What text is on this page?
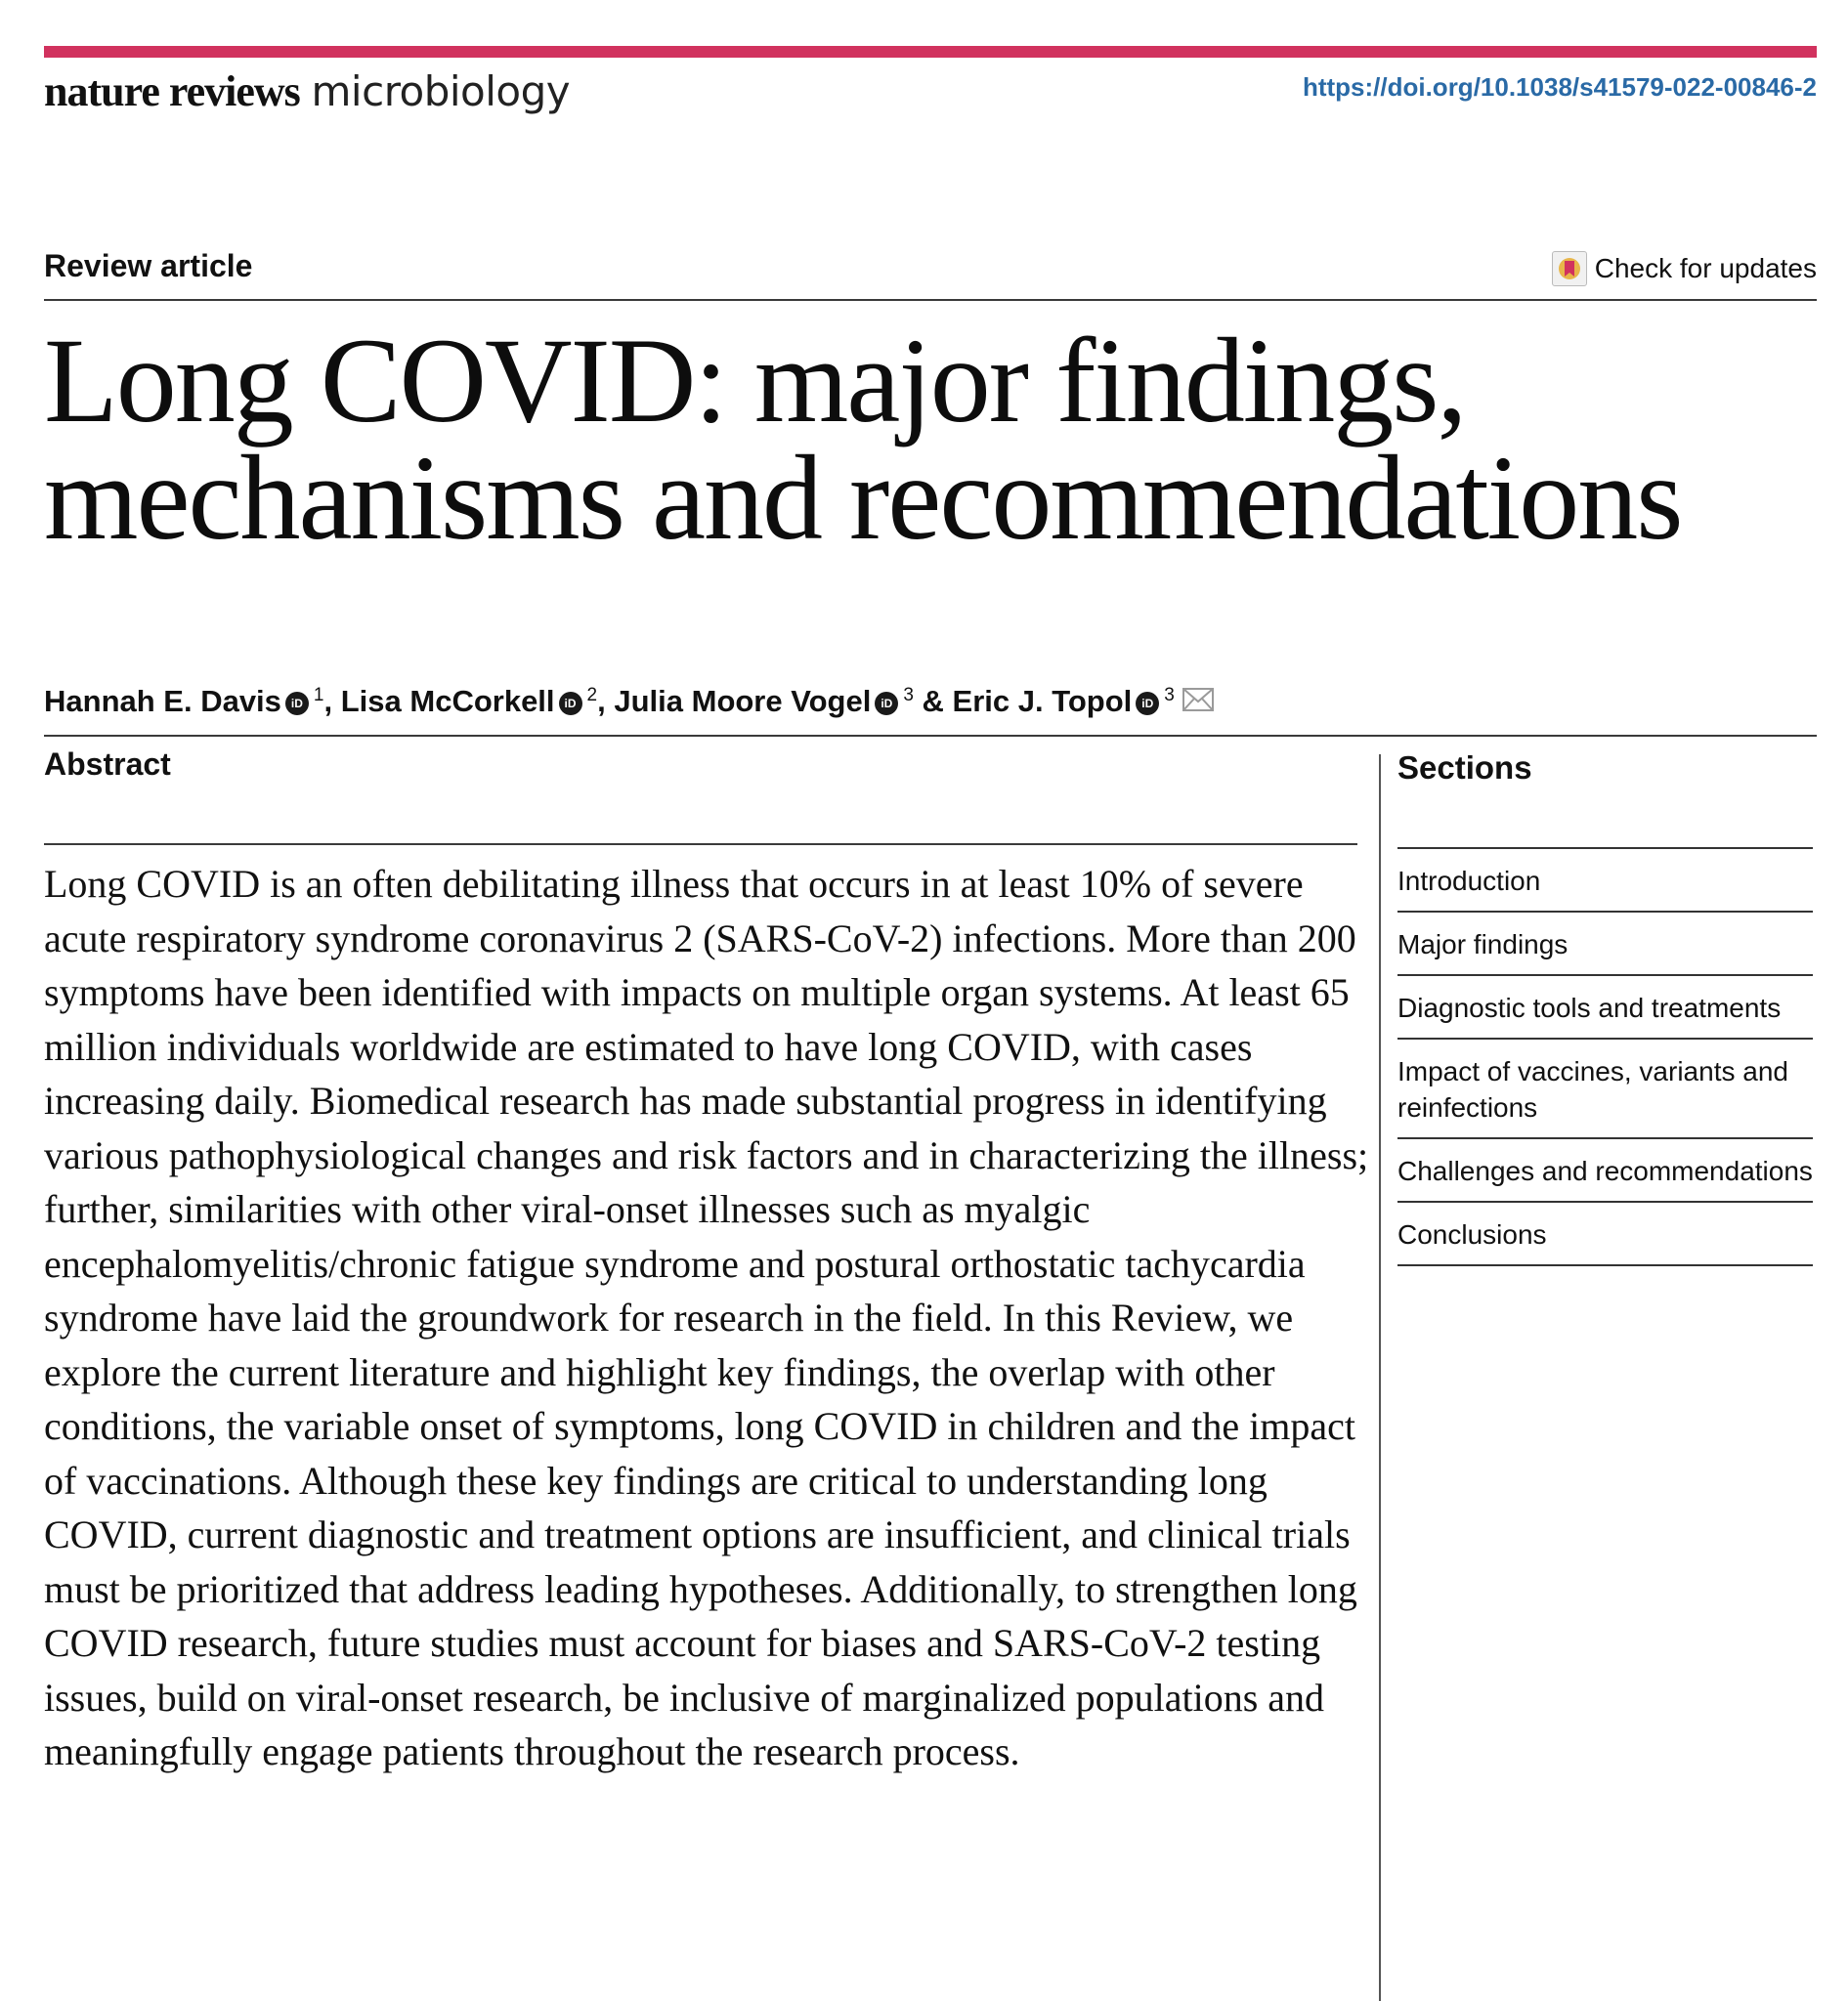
nature reviews microbiology	https://doi.org/10.1038/s41579-022-00846-2
Review article	Check for updates
Long COVID: major findings, mechanisms and recommendations
Hannah E. Davis iD $^1$, Lisa McCorkell iD $^2$, Julia Moore Vogel iD $^3$ & Eric J. Topol iD $^3$
Abstract

Long COVID is an often debilitating illness that occurs in at least 10% of severe acute respiratory syndrome coronavirus 2 (SARS-CoV-2) infections. More than 200 symptoms have been identified with impacts on multiple organ systems. At least 65 million individuals worldwide are estimated to have long COVID, with cases increasing daily. Biomedical research has made substantial progress in identifying various pathophysiological changes and risk factors and in characterizing the illness; further, similarities with other viral-onset illnesses such as myalgic encephalomyelitis/chronic fatigue syndrome and postural orthostatic tachycardia syndrome have laid the groundwork for research in the field. In this Review, we explore the current literature and highlight key findings, the overlap with other conditions, the variable onset of symptoms, long COVID in children and the impact of vaccinations. Although these key findings are critical to understanding long COVID, current diagnostic and treatment options are insufficient, and clinical trials must be prioritized that address leading hypotheses. Additionally, to strengthen long COVID research, future studies must account for biases and SARS-CoV-2 testing issues, build on viral-onset research, be inclusive of marginalized populations and meaningfully engage patients throughout the research process.

Sections
Introduction
Major findings
Diagnostic tools and treatments
Impact of vaccines, variants and reinfections
Challenges and recommendations
Conclusions
